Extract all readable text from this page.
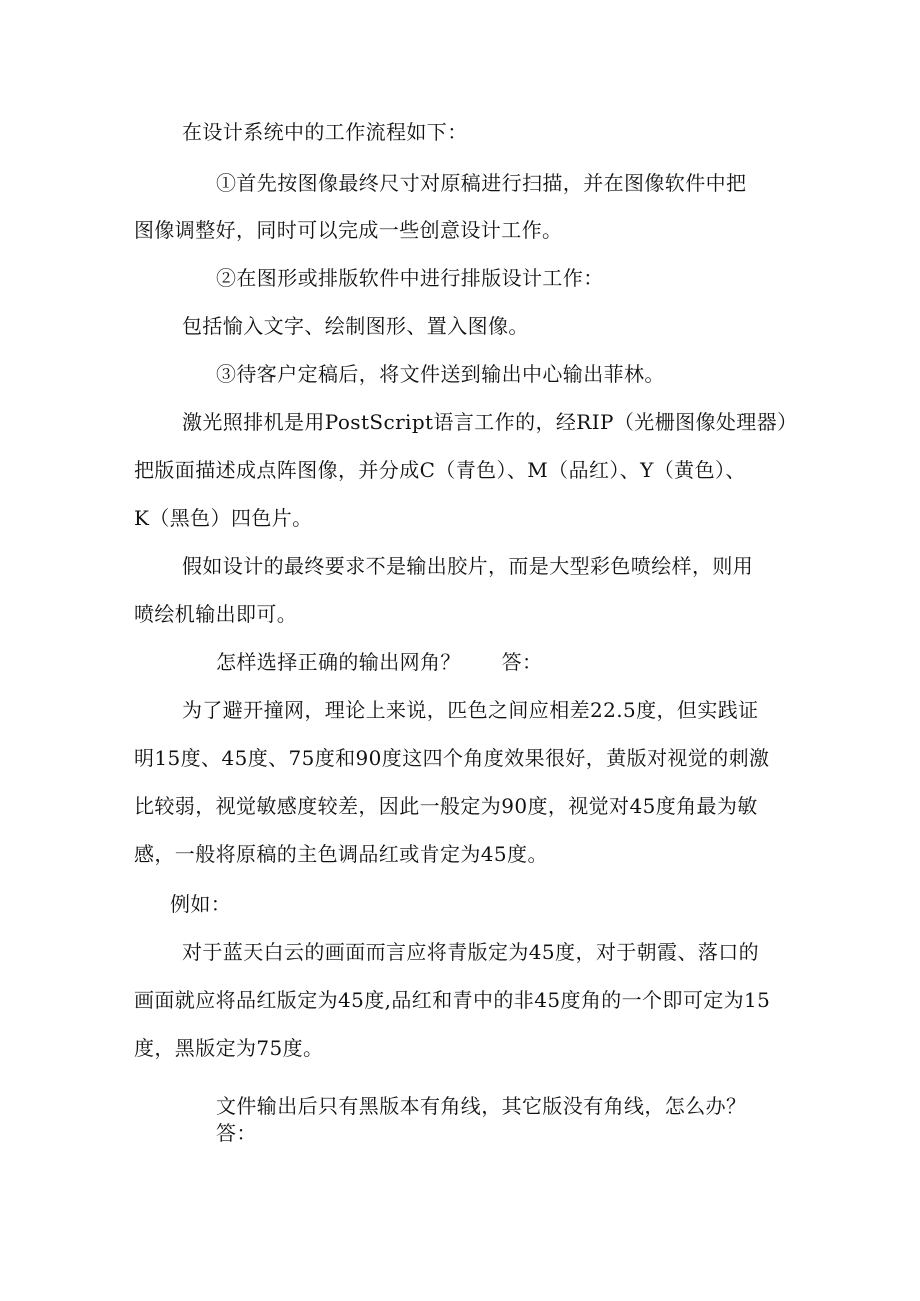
在设计系统中的工作流程如下：
①首先按图像最终尺寸对原稿进行扫描，并在图像软件中把
图像调整好，同时可以完成一些创意设计工作。
②在图形或排版软件中进行排版设计工作：
包括愉入文字、绘制图形、置入图像。
③待客户定稿后，将文件送到输出中心输出菲林。
激光照排机是用PostScript语言工作的，经RIP（光栅图像处理器）
把版面描述成点阵图像，并分成C（青色）、M（品红）、Y（黄色）、
K（黑色）四色片。
假如设计的最终要求不是输出胶片，而是大型彩色喷绘样，则用
喷绘机输出即可。
怎样选择正确的输出网角？　　答：
为了避开撞网，理论上来说，匹色之间应相差22.5度，但实践证
明15度、45度、75度和90度这四个角度效果很好，黄版对视觉的刺激
比较弱，视觉敏感度较差，因此一般定为90度，视觉对45度角最为敏
感，一般将原稿的主色调品红或肯定为45度。
例如：
对于蓝天白云的画面而言应将青版定为45度，对于朝霞、落口的
画面就应将品红版定为45度,品红和青中的非45度角的一个即可定为15
度，黑版定为75度。
文件输出后只有黑版本有角线，其它版没有角线，怎么办？
答：
